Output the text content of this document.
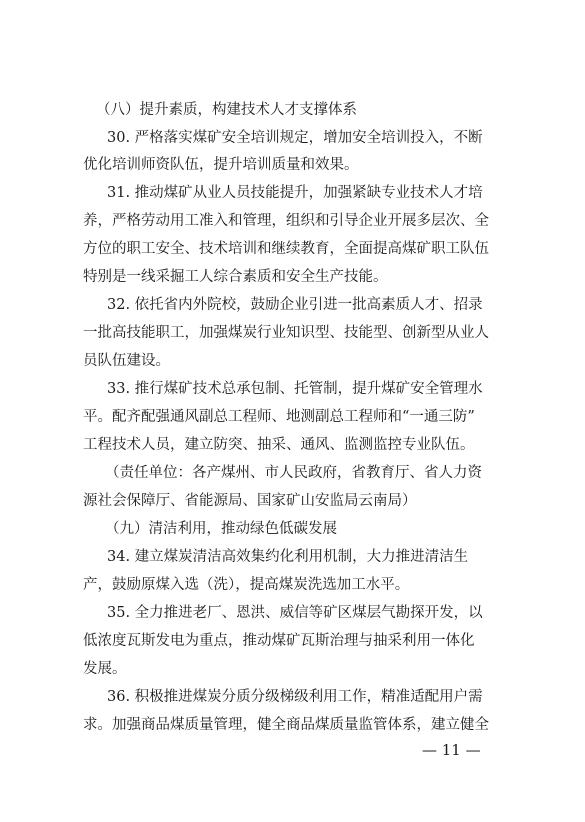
（八）提升素质，构建技术人才支撑体系
30. 严格落实煤矿安全培训规定，增加安全培训投入，不断
优化培训师资队伍，提升培训质量和效果。
31. 推动煤矿从业人员技能提升，加强紧缺专业技术人才培
养，严格劳动用工准入和管理，组织和引导企业开展多层次、全
方位的职工安全、技术培训和继续教育，全面提高煤矿职工队伍
特别是一线采掘工人综合素质和安全生产技能。
32. 依托省内外院校，鼓励企业引进一批高素质人才、招录
一批高技能职工，加强煤炭行业知识型、技能型、创新型从业人
员队伍建设。
33. 推行煤矿技术总承包制、托管制，提升煤矿安全管理水
平。配齐配强通风副总工程师、地测副总工程师和“一通三防”
工程技术人员，建立防突、抽采、通风、监测监控专业队伍。
（责任单位：各产煤州、市人民政府，省教育厅、省人力资
源社会保障厅、省能源局、国家矿山安监局云南局）
（九）清洁利用，推动绿色低碳发展
34. 建立煤炭清洁高效集约化利用机制，大力推进清洁生
产，鼓励原煤入选（洗），提高煤炭洗选加工水平。
35. 全力推进老厂、恩洪、威信等矿区煤层气勘探开发，以
低浓度瓦斯发电为重点，推动煤矿瓦斯治理与抽采利用一体化
发展。
36. 积极推进煤炭分质分级梯级利用工作，精准适配用户需
求。加强商品煤质量管理，健全商品煤质量监管体系，建立健全
— 11 —
